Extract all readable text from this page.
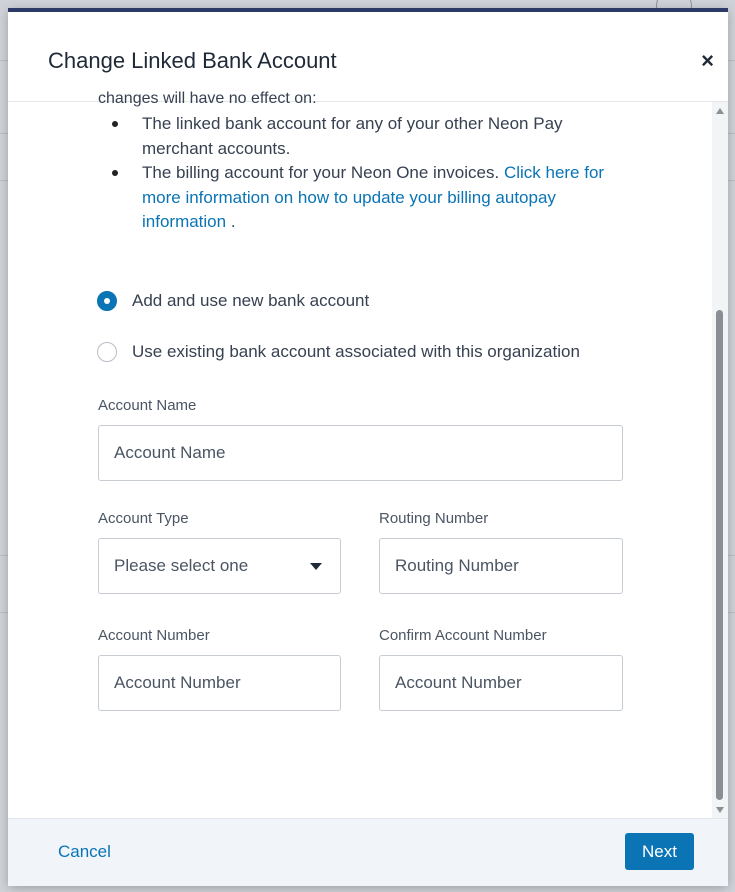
Change Linked Bank Account	×
changes will have no effect on:
The linked bank account for any of your other Neon Pay merchant accounts.
The billing account for your Neon One invoices. Click here for more information on how to update your billing autopay information .
Add and use new bank account
Use existing bank account associated with this organization
Account Name
Account Name
Account Type
Please select one
Routing Number
Routing Number
Account Number
Account Number
Confirm Account Number
Account Number
Cancel	Next
